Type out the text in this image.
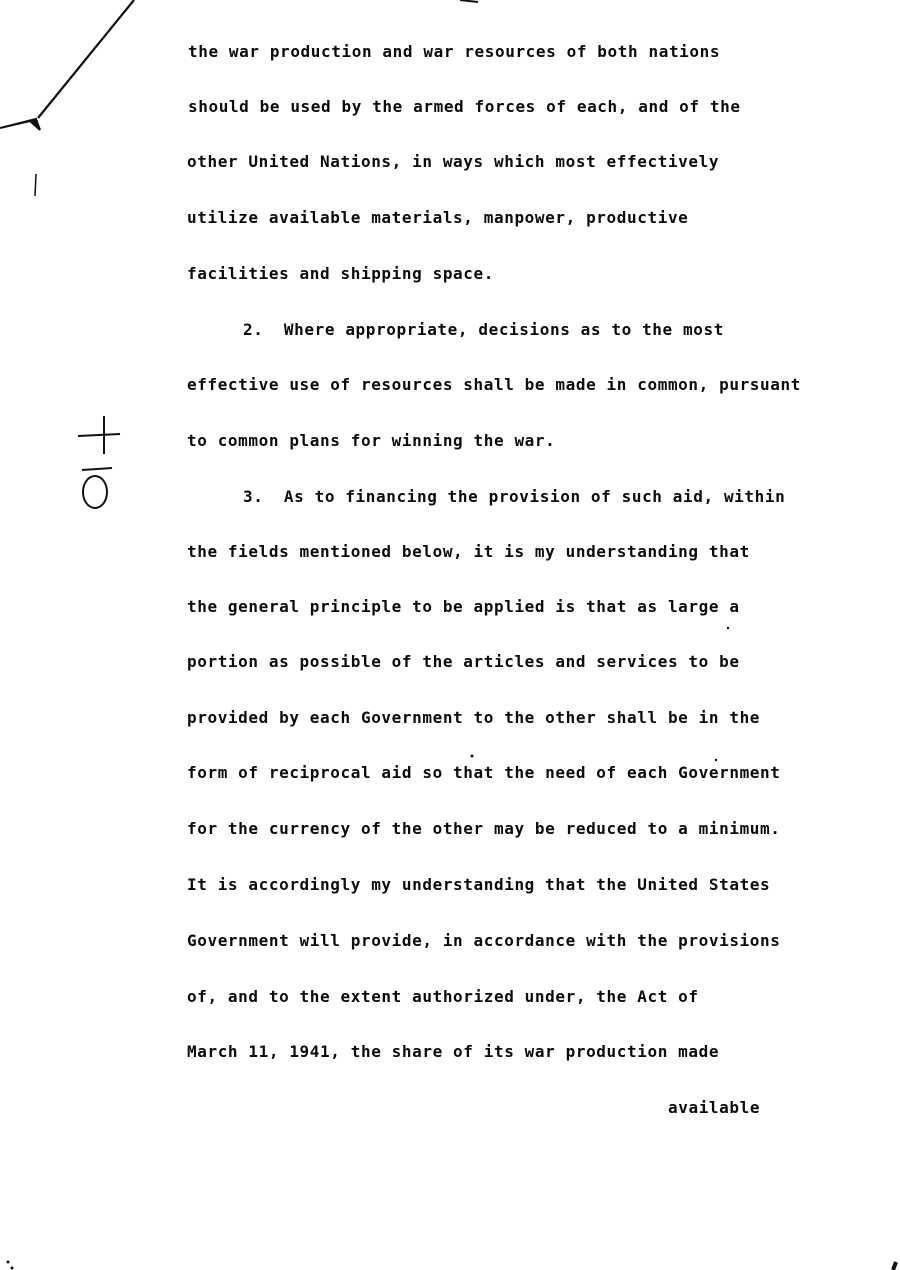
the war production and war resources of both nations
should be used by the armed forces of each, and of the
other United Nations, in ways which most effectively
utilize available materials, manpower, productive
facilities and shipping space.
2.  Where appropriate, decisions as to the most
effective use of resources shall be made in common, pursuant
to common plans for winning the war.
3.  As to financing the provision of such aid, within
the fields mentioned below, it is my understanding that
the general principle to be applied is that as large a
portion as possible of the articles and services to be
provided by each Government to the other shall be in the
form of reciprocal aid so that the need of each Government
for the currency of the other may be reduced to a minimum.
It is accordingly my understanding that the United States
Government will provide, in accordance with the provisions
of, and to the extent authorized under, the Act of
March 11, 1941, the share of its war production made
available
